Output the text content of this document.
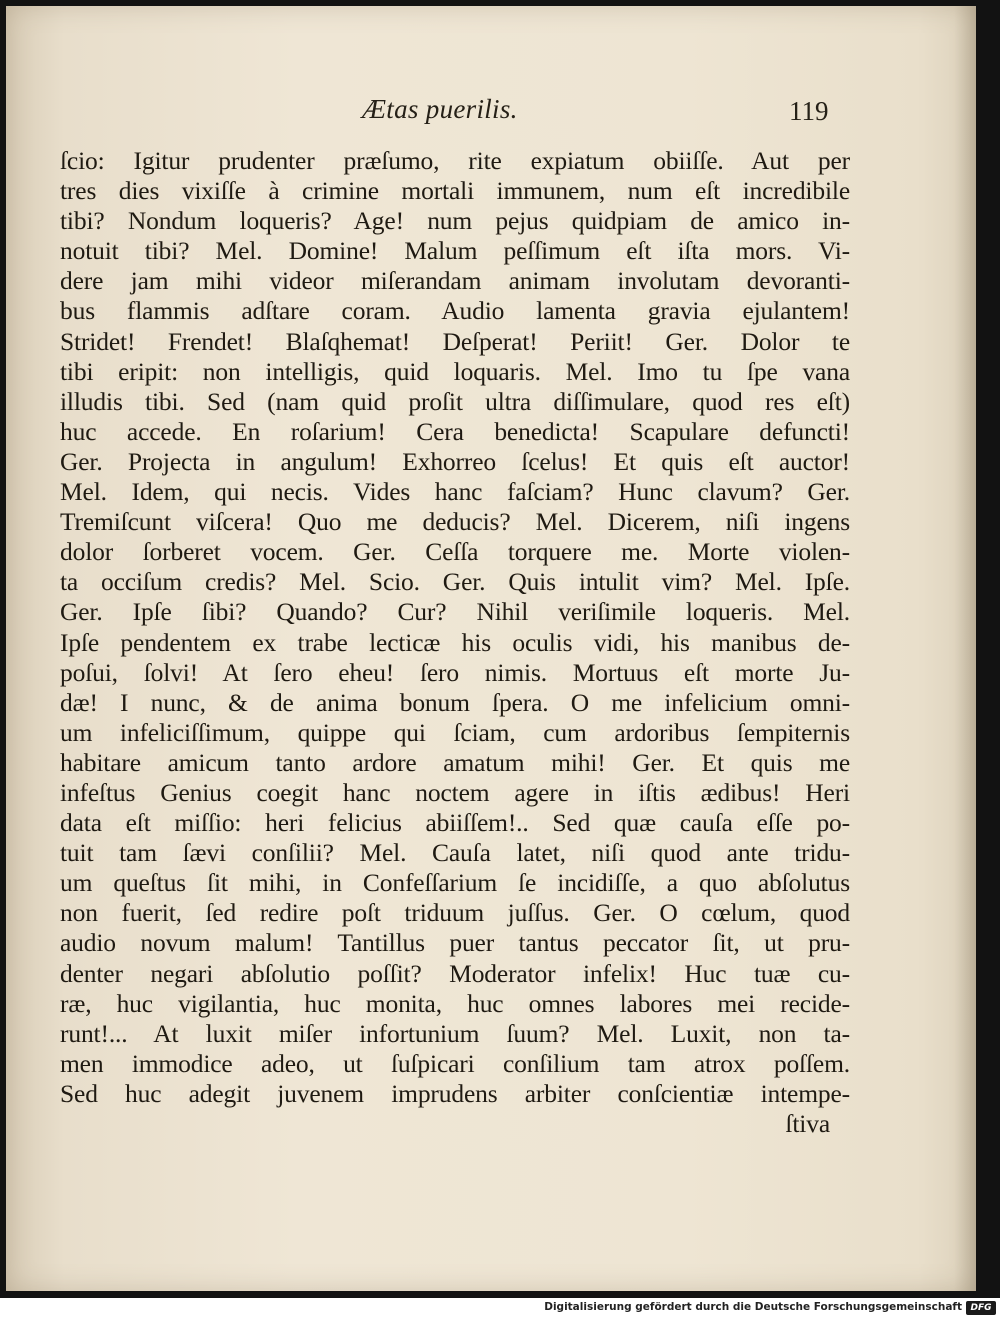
Ætas puerilis.	119
ſcio: Igitur prudenter præſumo, rite expiatum obiiſſe. Aut per
tres dies vixiſſe à crimine mortali immunem, num eſt incredibile
tibi? Nondum loqueris? Age! num pejus quidpiam de amico in-
notuit tibi? Mel. Domine! Malum peſſimum eſt iſta mors. Vi-
dere jam mihi videor miſerandam animam involutam devoranti-
bus flammis adſtare coram. Audio lamenta gravia ejulantem!
Stridet! Frendet! Blaſqhemat! Deſperat! Periit! Ger. Dolor te
tibi eripit: non intelligis, quid loquaris. Mel. Imo tu ſpe vana
illudis tibi. Sed (nam quid proſit ultra diſſimulare, quod res eſt)
huc accede. En roſarium! Cera benedicta! Scapulare defuncti!
Ger. Projecta in angulum! Exhorreo ſcelus! Et quis eſt auctor!
Mel. Idem, qui necis. Vides hanc faſciam? Hunc clavum? Ger.
Tremiſcunt viſcera! Quo me deducis? Mel. Dicerem, niſi ingens
dolor ſorberet vocem. Ger. Ceſſa torquere me. Morte violen-
ta occiſum credis? Mel. Scio. Ger. Quis intulit vim? Mel. Ipſe.
Ger. Ipſe ſibi? Quando? Cur? Nihil veriſimile loqueris. Mel.
Ipſe pendentem ex trabe lecticæ his oculis vidi, his manibus de-
poſui, ſolvi! At ſero eheu! ſero nimis. Mortuus eſt morte Ju-
dæ! I nunc, & de anima bonum ſpera. O me infelicium omni-
um infeliciſſimum, quippe qui ſciam, cum ardoribus ſempiternis
habitare amicum tanto ardore amatum mihi! Ger. Et quis me
infeſtus Genius coegit hanc noctem agere in iſtis ædibus! Heri
data eſt miſſio: heri felicius abiiſſem!.. Sed quæ cauſa eſſe po-
tuit tam ſævi conſilii? Mel. Cauſa latet, niſi quod ante tridu-
um queſtus ſit mihi, in Confeſſarium ſe incidiſſe, a quo abſolutus
non fuerit, ſed redire poſt triduum juſſus. Ger. O cœlum, quod
audio novum malum! Tantillus puer tantus peccator ſit, ut pru-
denter negari abſolutio poſſit? Moderator infelix! Huc tuæ cu-
ræ, huc vigilantia, huc monita, huc omnes labores mei recide-
runt!... At luxit miſer infortunium ſuum? Mel. Luxit, non ta-
men immodice adeo, ut ſuſpicari conſilium tam atrox poſſem.
Sed huc adegit juvenem imprudens arbiter conſcientiæ intempe-
ſtiva
Digitalisierung gefördert durch die Deutsche Forschungsgemeinschaft DFG
